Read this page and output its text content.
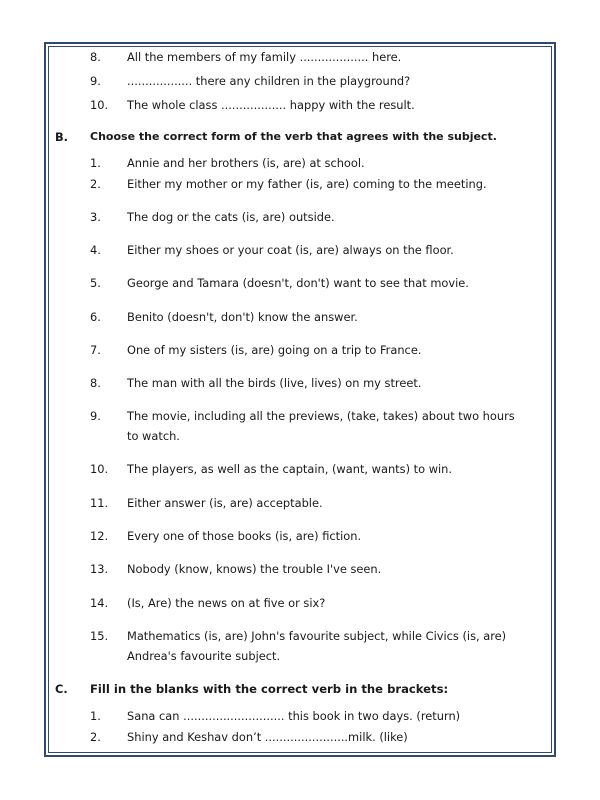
8. All the members of my family ................... here.
9. .................. there any children in the playground?
10. The whole class .................. happy with the result.
B. Choose the correct form of the verb that agrees with the subject.
1. Annie and her brothers (is, are) at school.
2. Either my mother or my father (is, are) coming to the meeting.
3. The dog or the cats (is, are) outside.
4. Either my shoes or your coat (is, are) always on the floor.
5. George and Tamara (doesn't, don't) want to see that movie.
6. Benito (doesn't, don't) know the answer.
7. One of my sisters (is, are) going on a trip to France.
8. The man with all the birds (live, lives) on my street.
9. The movie, including all the previews, (take, takes) about two hours
to watch.
10. The players, as well as the captain, (want, wants) to win.
11. Either answer (is, are) acceptable.
12. Every one of those books (is, are) fiction.
13. Nobody (know, knows) the trouble I've seen.
14. (Is, Are) the news on at five or six?
15. Mathematics (is, are) John's favourite subject, while Civics (is, are)
Andrea's favourite subject.
C. Fill in the blanks with the correct verb in the brackets:
1. Sana can ............................ this book in two days. (return)
2. Shiny and Keshav don’t .......................milk. (like)
